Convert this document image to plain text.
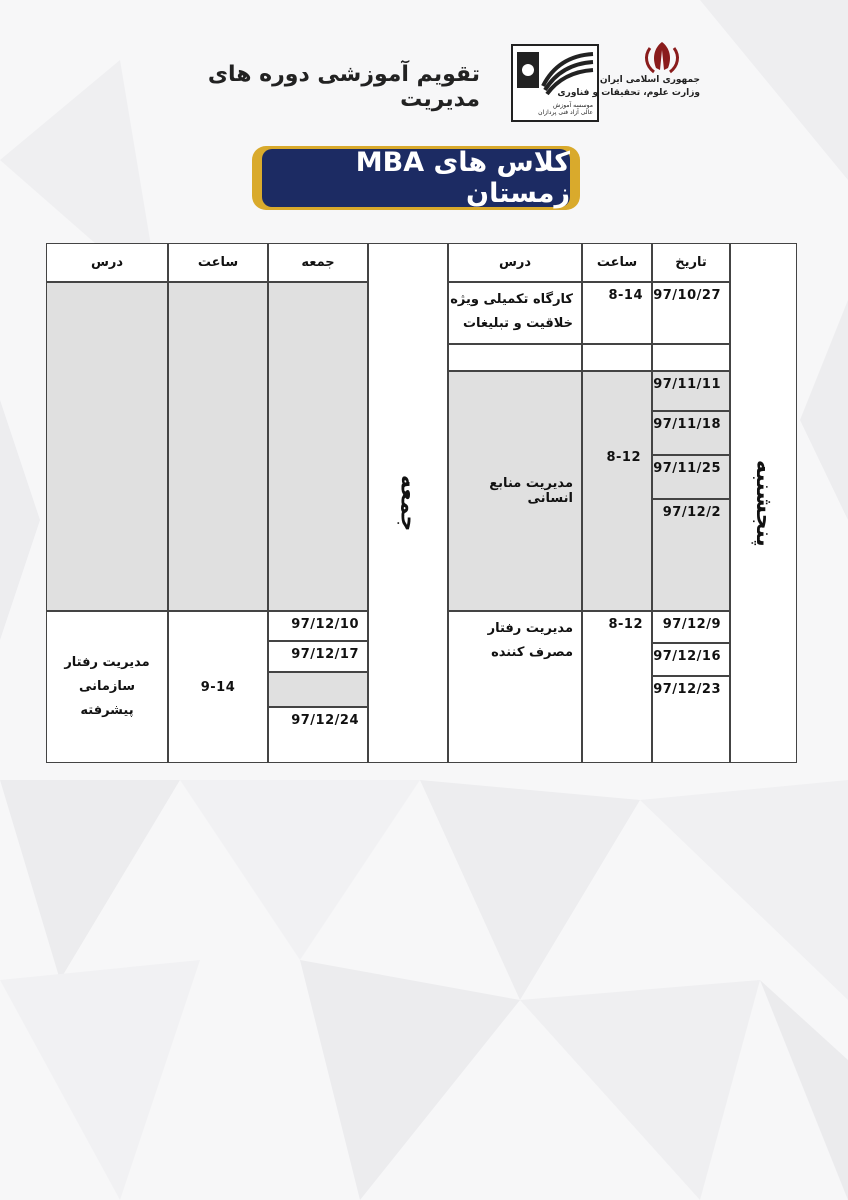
تقویم آموزشی دوره های مدیریت	موسسه آموزش
عالی آزاد فنی پردازان
جمهوری اسلامی ایران
وزارت علوم، تحقیقات و فناوری
کلاس های MBA زمستان
پنجشنبه
تاریخ
ساعت
درس
97/10/27
8-14
کارگاه تکمیلی ویژه خلاقیت و تبلیغات
97/11/11
97/11/18
97/11/25
97/12/2
8-12
مدیریت منابع انسانی
97/12/9
97/12/16
97/12/23
8-12
مدیریت رفتار مصرف کننده
جمعه
جمعه
ساعت
درس
97/12/10
97/12/17
97/12/24
9-14
مدیریت رفتار سازمانی پیشرفته
